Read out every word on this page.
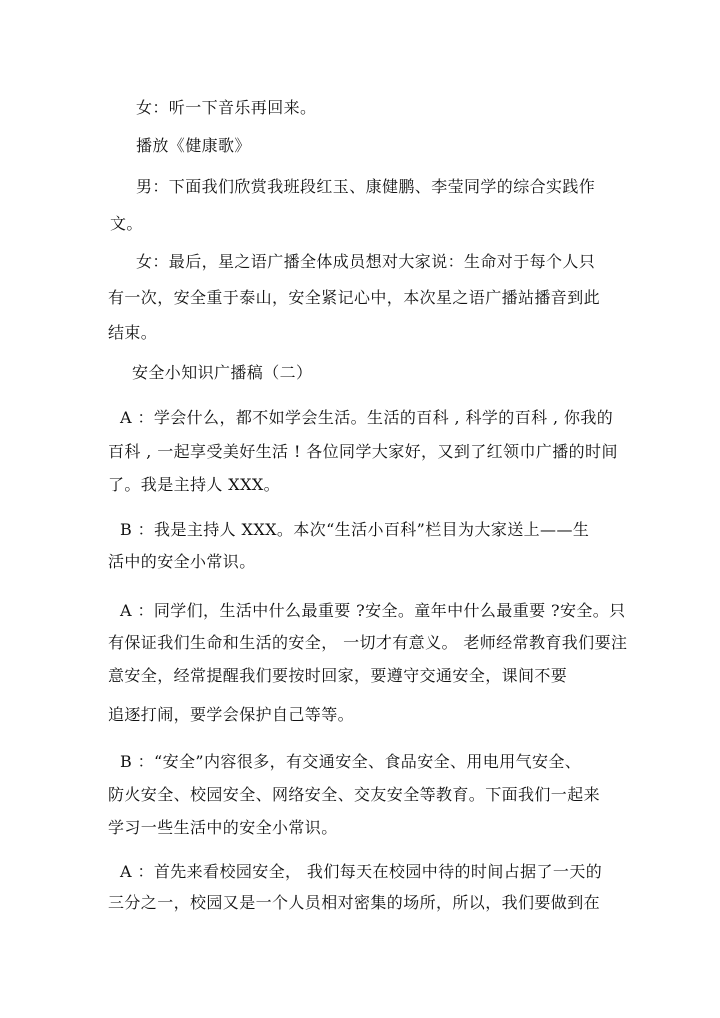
女：听一下音乐再回来。
播放《健康歌》
男：下面我们欣赏我班段红玉、康健鹏、李莹同学的综合实践作
文。
女：最后，星之语广播全体成员想对大家说：生命对于每个人只
有一次，安全重于泰山，安全紧记心中，本次星之语广播站播音到此
结束。
安全小知识广播稿（二）
A ：学会什么，都不如学会生活。生活的百科 , 科学的百科 , 你我的
百科 , 一起享受美好生活 ! 各位同学大家好，又到了红领巾广播的时间
了。我是主持人 XXX。
B ：我是主持人 XXX。本次“生活小百科”栏目为大家送上——生
活中的安全小常识。
A ：同学们，生活中什么最重要 ?安全。童年中什么最重要 ?安全。只
有保证我们生命和生活的安全， 一切才有意义。 老师经常教育我们要注
意安全，经常提醒我们要按时回家，要遵守交通安全，课间不要
追逐打闹，要学会保护自己等等。
B ：“安全”内容很多，有交通安全、食品安全、用电用气安全、
防火安全、校园安全、网络安全、交友安全等教育。下面我们一起来
学习一些生活中的安全小常识。
A ：首先来看校园安全， 我们每天在校园中待的时间占据了一天的
三分之一，校园又是一个人员相对密集的场所，所以，我们要做到在
